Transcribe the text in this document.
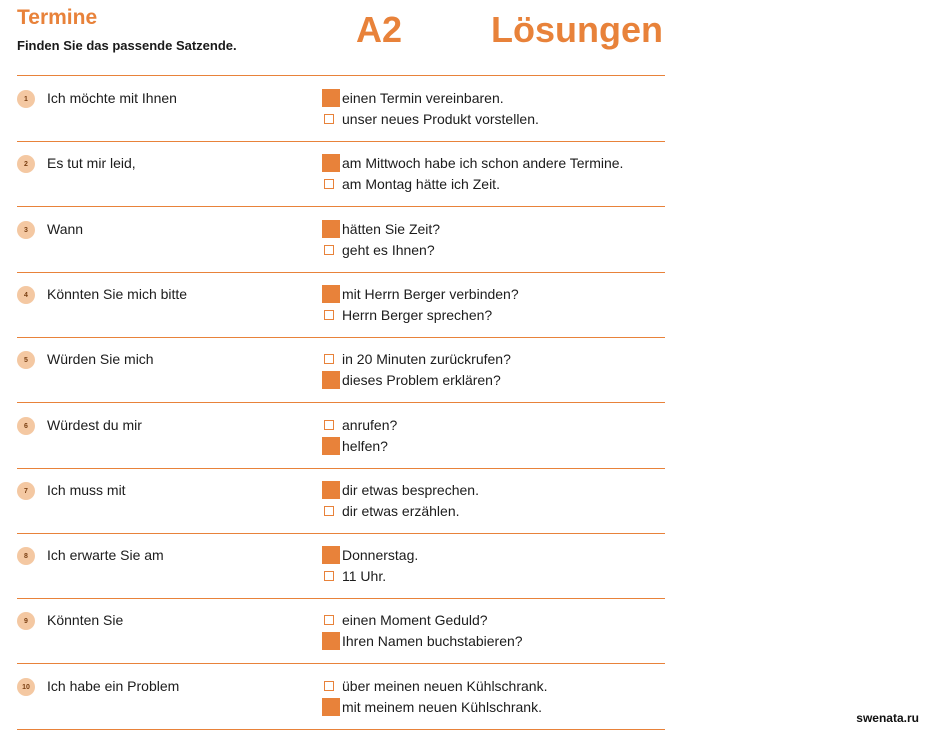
Termine
Finden Sie das passende Satzende.	A2 Lösungen
1	Ich möchte mit Ihnen	einen Termin vereinbaren.
unser neues Produkt vorstellen.
2	Es tut mir leid,	am Mittwoch habe ich schon andere Termine.
am Montag hätte ich Zeit.
3	Wann	hätten Sie Zeit?
geht es Ihnen?
4	Könnten Sie mich bitte	mit Herrn Berger verbinden?
Herrn Berger sprechen?
5	Würden Sie mich	in 20 Minuten zurückrufen?
dieses Problem erklären?
6	Würdest du mir	anrufen?
helfen?
7	Ich muss mit	dir etwas besprechen.
dir etwas erzählen.
8	Ich erwarte Sie am	Donnerstag.
11 Uhr.
9	Könnten Sie	einen Moment Geduld?
Ihren Namen buchstabieren?
10	Ich habe ein Problem	über meinen neuen Kühlschrank.
mit meinem neuen Kühlschrank.
swenata.ru
